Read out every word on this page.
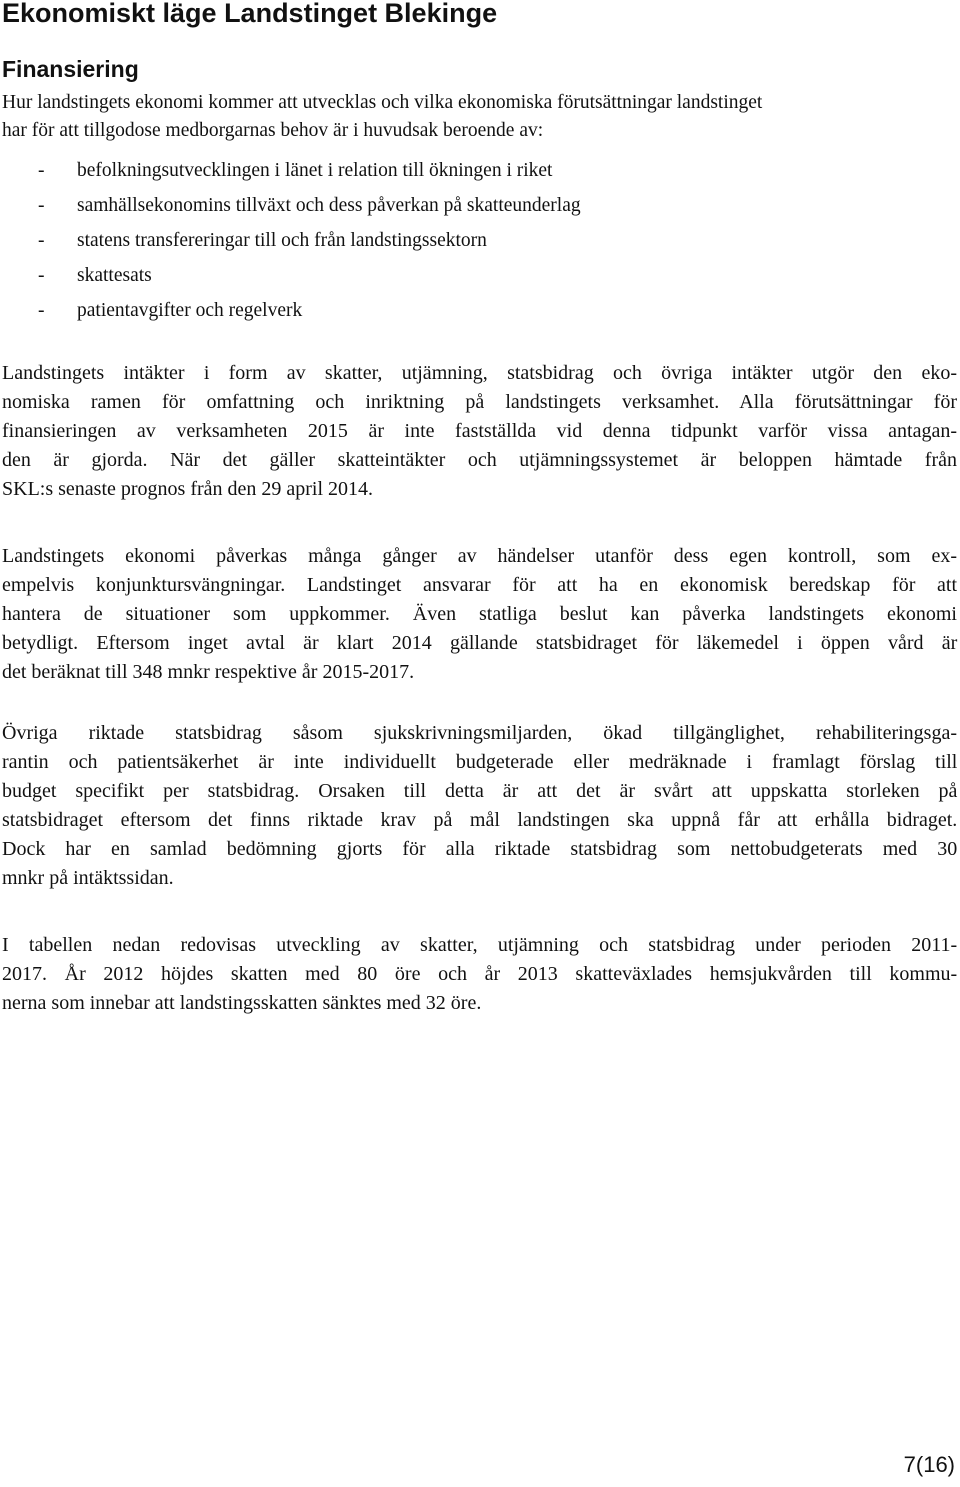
Ekonomiskt läge Landstinget Blekinge
Finansiering
Hur landstingets ekonomi kommer att utvecklas och vilka ekonomiska förutsättningar landstinget
har för att tillgodose medborgarnas behov är i huvudsak beroende av:
- befolkningsutvecklingen i länet i relation till ökningen i riket
- samhällsekonomins tillväxt och dess påverkan på skatteunderlag
- statens transfereringar till och från landstingssektorn
- skattesats
- patientavgifter och regelverk
Landstingets intäkter i form av skatter, utjämning, statsbidrag och övriga intäkter utgör den eko-
nomiska ramen för omfattning och inriktning på landstingets verksamhet. Alla förutsättningar för
finansieringen av verksamheten 2015 är inte fastställda vid denna tidpunkt varför vissa antagan-
den är gjorda. När det gäller skatteintäkter och utjämningssystemet är beloppen hämtade från
SKL:s senaste prognos från den 29 april 2014.
Landstingets ekonomi påverkas många gånger av händelser utanför dess egen kontroll, som ex-
empelvis konjunktursvängningar. Landstinget ansvarar för att ha en ekonomisk beredskap för att
hantera de situationer som uppkommer. Även statliga beslut kan påverka landstingets ekonomi
betydligt. Eftersom inget avtal är klart 2014 gällande statsbidraget för läkemedel i öppen vård är
det beräknat till 348 mnkr respektive år 2015-2017.
Övriga riktade statsbidrag såsom sjukskrivningsmiljarden, ökad tillgänglighet, rehabiliteringsga-
rantin och patientsäkerhet är inte individuellt budgeterade eller medräknade i framlagt förslag till
budget specifikt per statsbidrag. Orsaken till detta är att det är svårt att uppskatta storleken på
statsbidraget eftersom det finns riktade krav på mål landstingen ska uppnå får att erhålla bidraget.
Dock har en samlad bedömning gjorts för alla riktade statsbidrag som nettobudgeterats med 30
mnkr på intäktssidan.
I tabellen nedan redovisas utveckling av skatter, utjämning och statsbidrag under perioden 2011-
2017. År 2012 höjdes skatten med 80 öre och år 2013 skatteväxlades hemsjukvården till kommu-
nerna som innebar att landstingsskatten sänktes med 32 öre.
7(16)
